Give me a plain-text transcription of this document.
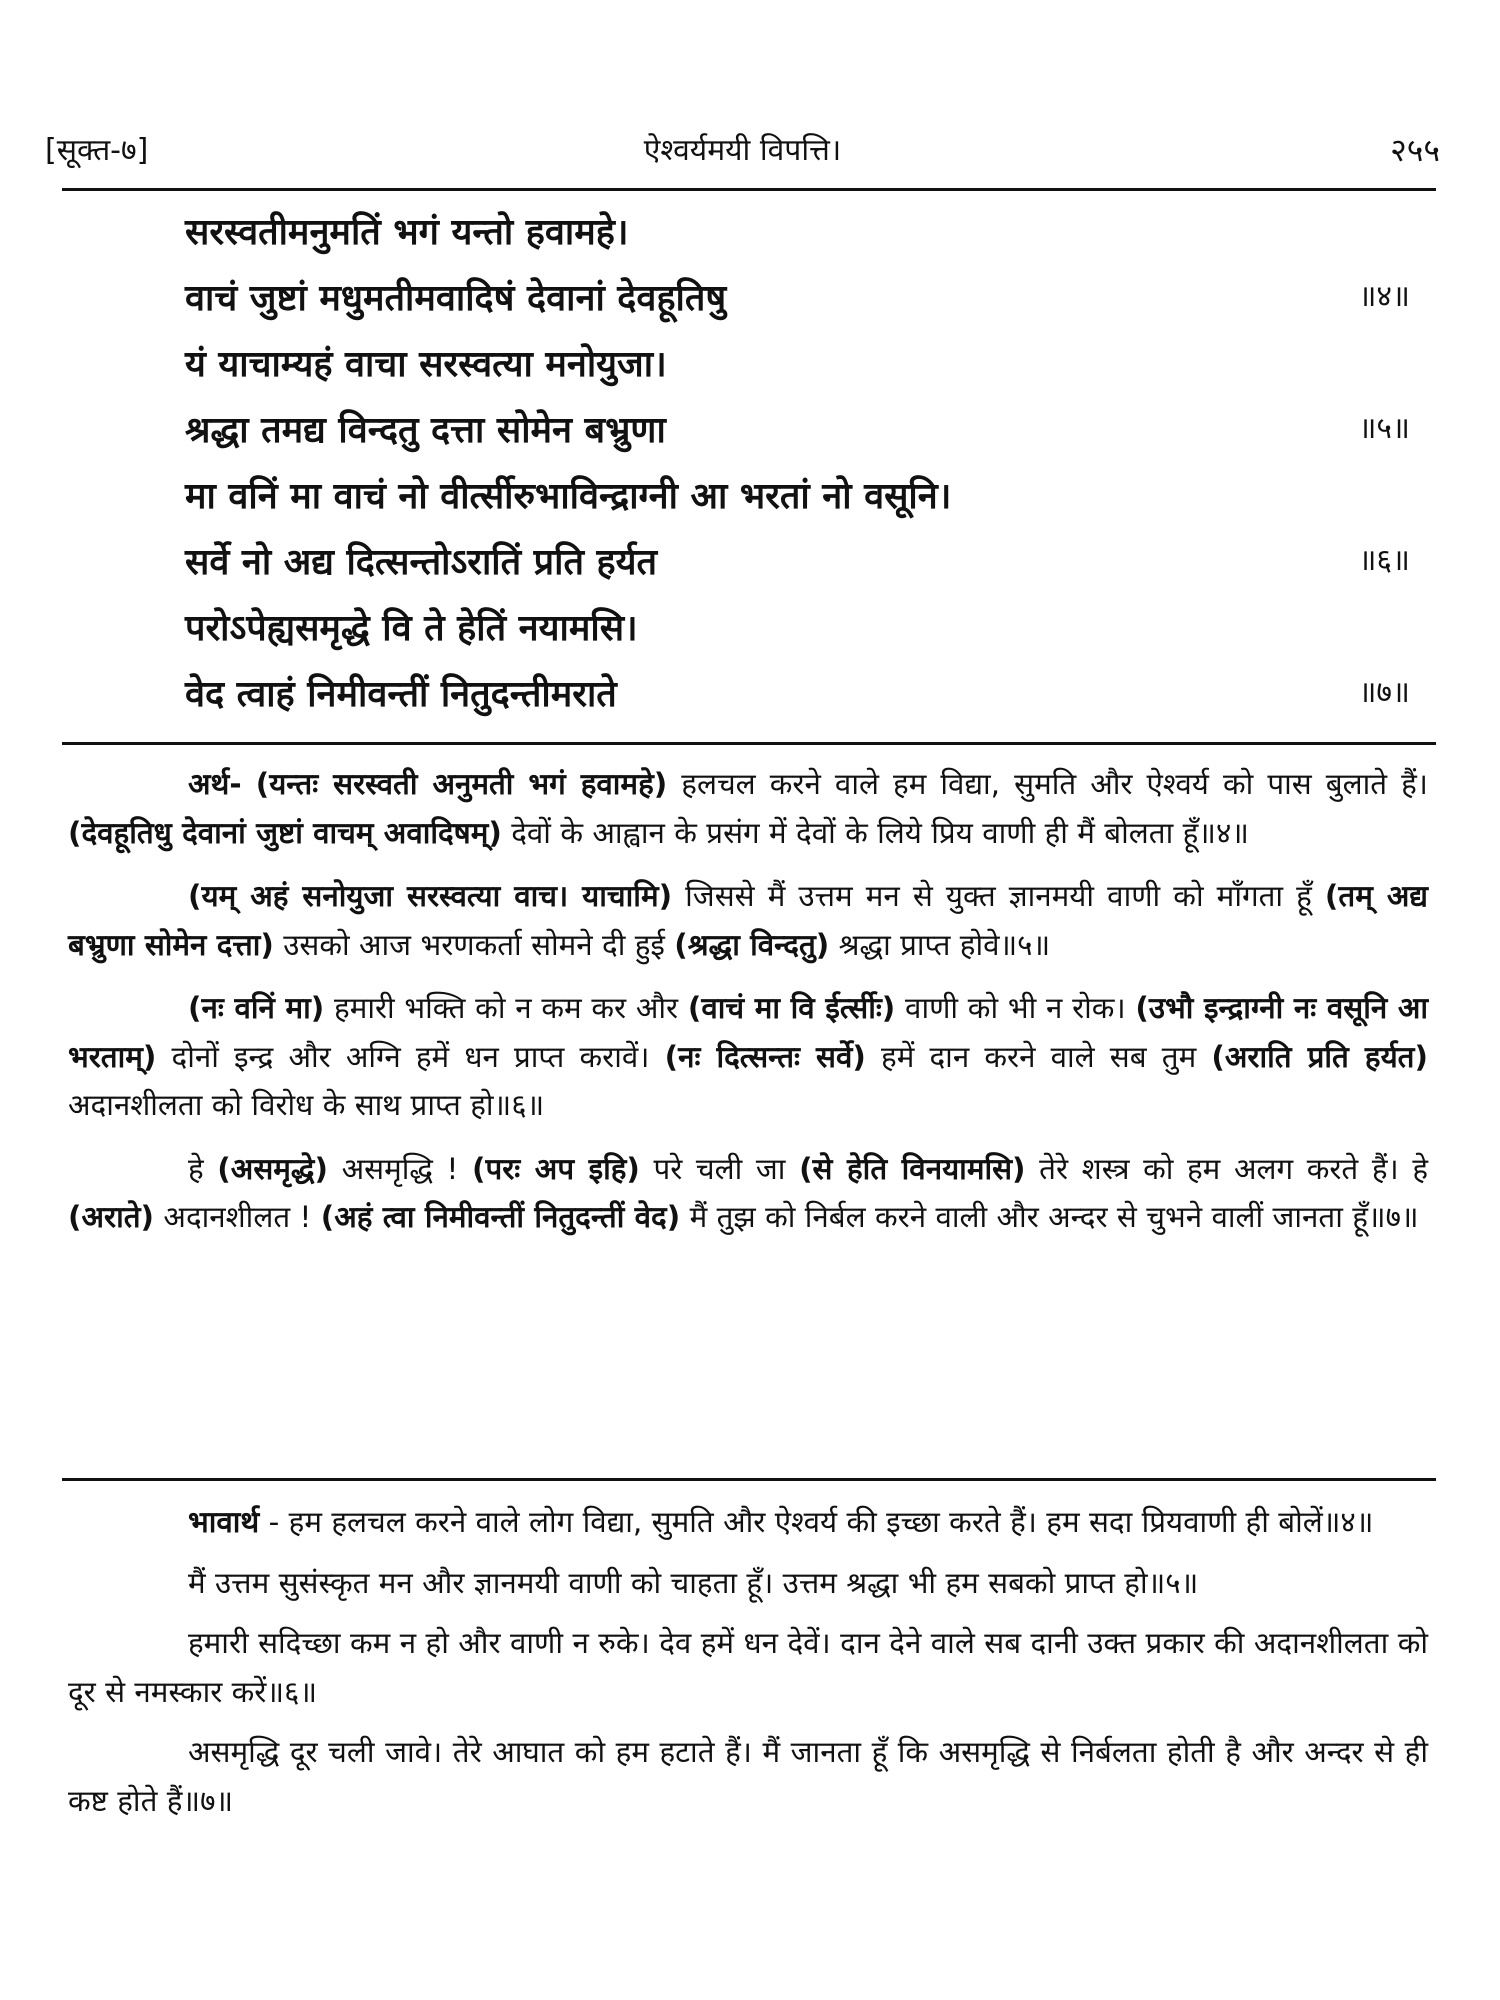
[सूक्त-७]	ऐश्वर्यमयी विपत्ति।	२५५
सरस्वतीमनुमतिं भगं यन्तो हवामहे।
वाचं जुष्टां मधुमतीमवादिषं देवानां देवहूतिषु	॥४॥
यं याचाम्यहं वाचा सरस्वत्या मनोयुजा।
श्रद्धा तमद्य विन्दतु दत्ता सोमेन बभ्रुणा	॥५॥
मा वनिं मा वाचं नो वीर्त्सीरुभाविन्द्राग्नी आ भरतां नो वसूनि।
सर्वे नो अद्य दित्सन्तोऽरातिं प्रति हर्यत	॥६॥
परोऽपेह्यसमृद्धे वि ते हेतिं नयामसि।
वेद त्वाहं निमीवन्तीं नितुदन्तीमराते	॥७॥

अर्थ- (यन्तः सरस्वती अनुमती भगं हवामहे) हलचल करने वाले हम विद्या, सुमति और ऐश्वर्य को पास बुलाते हैं। (देवहूतिधु देवानां जुष्टां वाचम् अवादिषम्) देवों के आह्वान के प्रसंग में देवों के लिये प्रिय वाणी ही मैं बोलता हूँ॥४॥

(यम् अहं सनोयुजा सरस्वत्या वाच। याचामि) जिससे मैं उत्तम मन से युक्त ज्ञानमयी वाणी को माँगता हूँ (तम् अद्य बभ्रुणा सोमेन दत्ता) उसको आज भरणकर्ता सोमने दी हुई (श्रद्धा विन्दतु) श्रद्धा प्राप्त होवे॥५॥

(नः वनिं मा) हमारी भक्ति को न कम कर और (वाचं मा वि ईर्त्सीः) वाणी को भी न रोक। (उभौ इन्द्राग्नी नः वसूनि आ भरताम्) दोनों इन्द्र और अग्नि हमें धन प्राप्त करावें। (नः दित्सन्तः सर्वे) हमें दान करने वाले सब तुम (अराति प्रति हर्यत) अदानशीलता को विरोध के साथ प्राप्त हो॥६॥

हे (असमृद्धे) असमृद्धि ! (परः अप इहि) परे चली जा (से हेति विनयामसि) तेरे शस्त्र को हम अलग करते हैं। हे (अराते) अदानशीलत ! (अहं त्वा निमीवन्तीं नितुदन्तीं वेद) मैं तुझ को निर्बल करने वाली और अन्दर से चुभने वालीं जानता हूँ॥७॥

भावार्थ - हम हलचल करने वाले लोग विद्या, सुमति और ऐश्वर्य की इच्छा करते हैं। हम सदा प्रियवाणी ही बोलें॥४॥

मैं उत्तम सुसंस्कृत मन और ज्ञानमयी वाणी को चाहता हूँ। उत्तम श्रद्धा भी हम सबको प्राप्त हो॥५॥

हमारी सदिच्छा कम न हो और वाणी न रुके। देव हमें धन देवें। दान देने वाले सब दानी उक्त प्रकार की अदानशीलता को दूर से नमस्कार करें॥६॥

असमृद्धि दूर चली जावे। तेरे आघात को हम हटाते हैं। मैं जानता हूँ कि असमृद्धि से निर्बलता होती है और अन्दर से ही कष्ट होते हैं॥७॥
